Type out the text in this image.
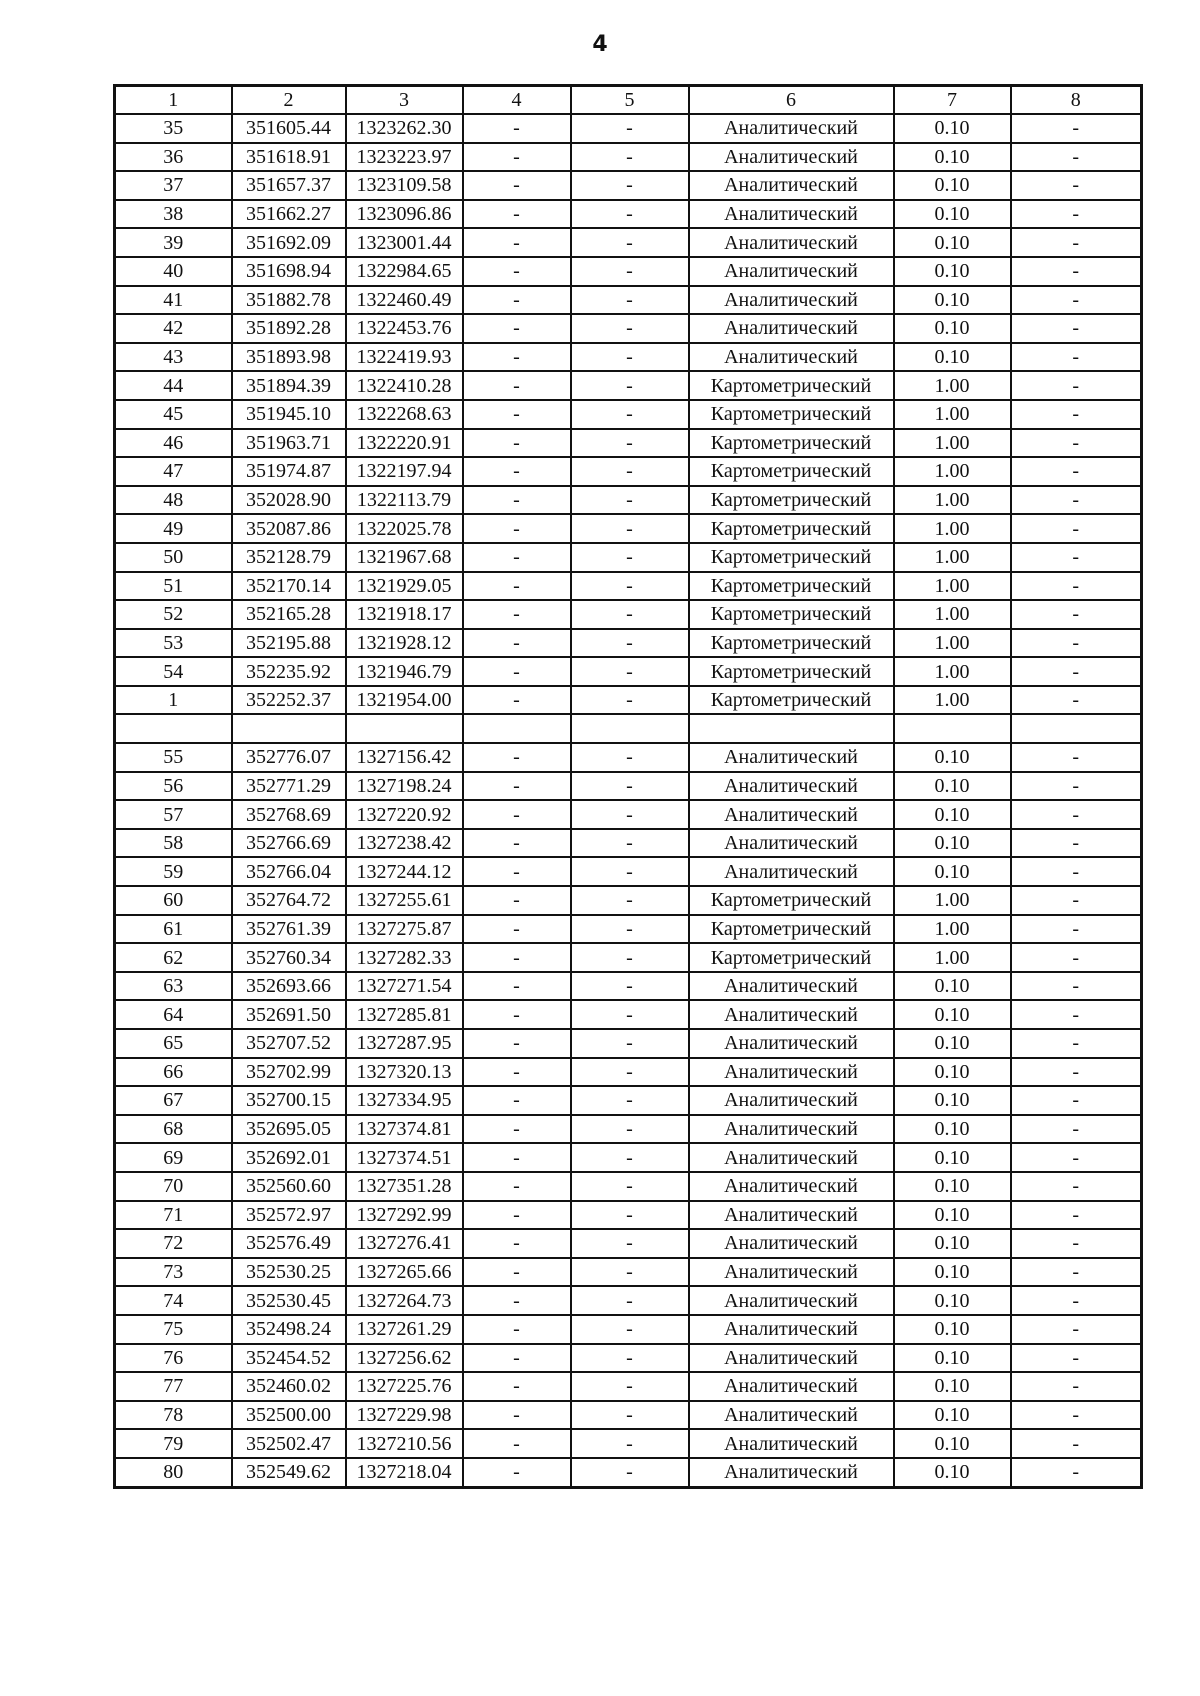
4
1	2	3	4	5	6	7	8
35	351605.44	1323262.30	-	-	Аналитический	0.10	-
36	351618.91	1323223.97	-	-	Аналитический	0.10	-
37	351657.37	1323109.58	-	-	Аналитический	0.10	-
38	351662.27	1323096.86	-	-	Аналитический	0.10	-
39	351692.09	1323001.44	-	-	Аналитический	0.10	-
40	351698.94	1322984.65	-	-	Аналитический	0.10	-
41	351882.78	1322460.49	-	-	Аналитический	0.10	-
42	351892.28	1322453.76	-	-	Аналитический	0.10	-
43	351893.98	1322419.93	-	-	Аналитический	0.10	-
44	351894.39	1322410.28	-	-	Картометрический	1.00	-
45	351945.10	1322268.63	-	-	Картометрический	1.00	-
46	351963.71	1322220.91	-	-	Картометрический	1.00	-
47	351974.87	1322197.94	-	-	Картометрический	1.00	-
48	352028.90	1322113.79	-	-	Картометрический	1.00	-
49	352087.86	1322025.78	-	-	Картометрический	1.00	-
50	352128.79	1321967.68	-	-	Картометрический	1.00	-
51	352170.14	1321929.05	-	-	Картометрический	1.00	-
52	352165.28	1321918.17	-	-	Картометрический	1.00	-
53	352195.88	1321928.12	-	-	Картометрический	1.00	-
54	352235.92	1321946.79	-	-	Картометрический	1.00	-
1	352252.37	1321954.00	-	-	Картометрический	1.00	-

55	352776.07	1327156.42	-	-	Аналитический	0.10	-
56	352771.29	1327198.24	-	-	Аналитический	0.10	-
57	352768.69	1327220.92	-	-	Аналитический	0.10	-
58	352766.69	1327238.42	-	-	Аналитический	0.10	-
59	352766.04	1327244.12	-	-	Аналитический	0.10	-
60	352764.72	1327255.61	-	-	Картометрический	1.00	-
61	352761.39	1327275.87	-	-	Картометрический	1.00	-
62	352760.34	1327282.33	-	-	Картометрический	1.00	-
63	352693.66	1327271.54	-	-	Аналитический	0.10	-
64	352691.50	1327285.81	-	-	Аналитический	0.10	-
65	352707.52	1327287.95	-	-	Аналитический	0.10	-
66	352702.99	1327320.13	-	-	Аналитический	0.10	-
67	352700.15	1327334.95	-	-	Аналитический	0.10	-
68	352695.05	1327374.81	-	-	Аналитический	0.10	-
69	352692.01	1327374.51	-	-	Аналитический	0.10	-
70	352560.60	1327351.28	-	-	Аналитический	0.10	-
71	352572.97	1327292.99	-	-	Аналитический	0.10	-
72	352576.49	1327276.41	-	-	Аналитический	0.10	-
73	352530.25	1327265.66	-	-	Аналитический	0.10	-
74	352530.45	1327264.73	-	-	Аналитический	0.10	-
75	352498.24	1327261.29	-	-	Аналитический	0.10	-
76	352454.52	1327256.62	-	-	Аналитический	0.10	-
77	352460.02	1327225.76	-	-	Аналитический	0.10	-
78	352500.00	1327229.98	-	-	Аналитический	0.10	-
79	352502.47	1327210.56	-	-	Аналитический	0.10	-
80	352549.62	1327218.04	-	-	Аналитический	0.10	-
